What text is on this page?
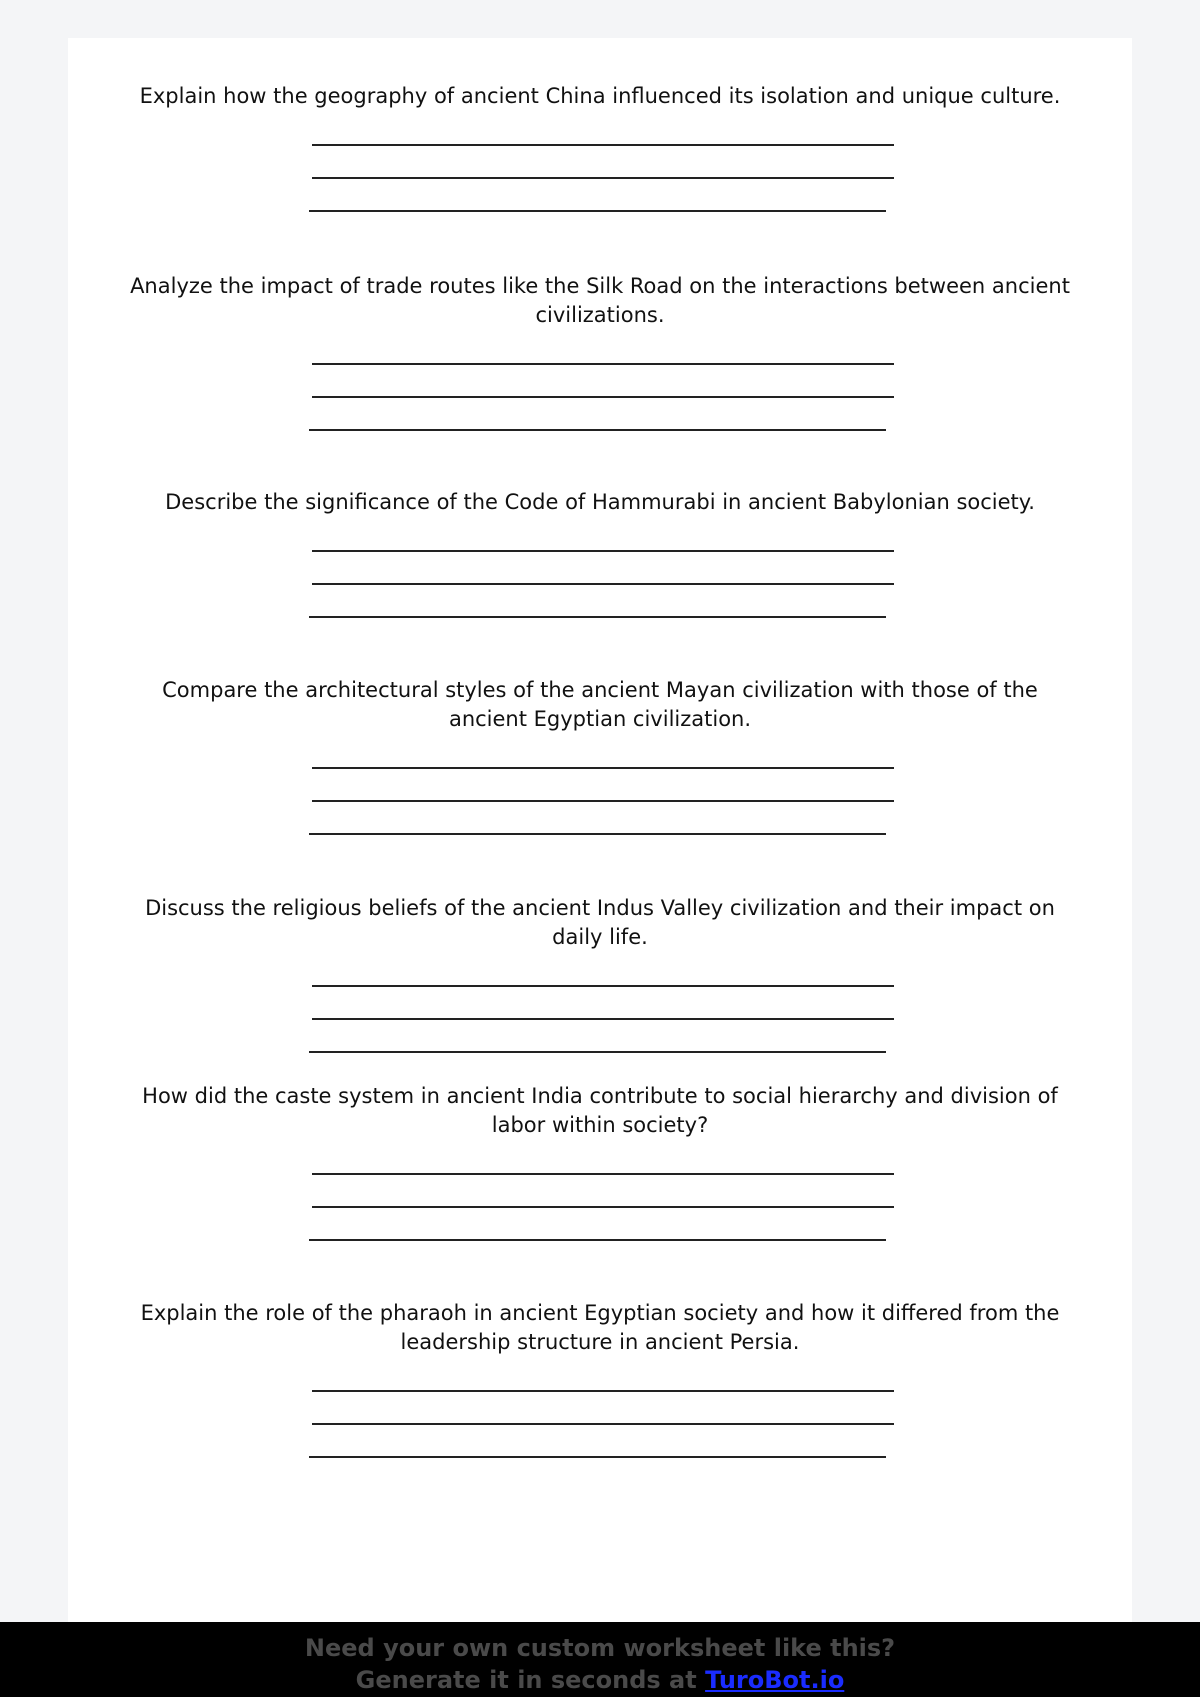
Explain how the geography of ancient China influenced its isolation and unique culture.

Analyze the impact of trade routes like the Silk Road on the interactions between ancient civilizations.

Describe the significance of the Code of Hammurabi in ancient Babylonian society.

Compare the architectural styles of the ancient Mayan civilization with those of the ancient Egyptian civilization.

Discuss the religious beliefs of the ancient Indus Valley civilization and their impact on daily life.

How did the caste system in ancient India contribute to social hierarchy and division of labor within society?

Explain the role of the pharaoh in ancient Egyptian society and how it differed from the leadership structure in ancient Persia.

Need your own custom worksheet like this?
Generate it in seconds at TuroBot.io
